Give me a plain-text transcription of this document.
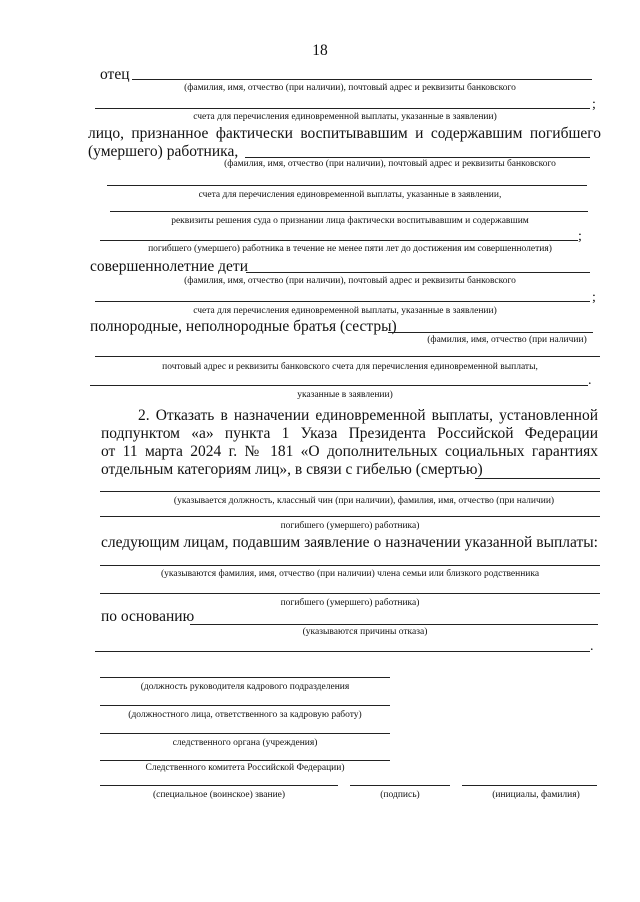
18
отец
(фамилия, имя, отчество (при наличии), почтовый адрес и реквизиты банковского
;
счета для перечисления единовременной выплаты, указанные в заявлении)
лицо, признанное фактически воспитывавшим и содержавшим погибшего
(умершего) работника,
(фамилия, имя, отчество (при наличии), почтовый адрес и реквизиты банковского
счета для перечисления единовременной выплаты, указанные в заявлении,
реквизиты решения суда о признании лица фактически воспитывавшим и содержавшим
;
погибшего (умершего) работника в течение не менее пяти лет до достижения им совершеннолетия)
совершеннолетние дети
(фамилия, имя, отчество (при наличии), почтовый адрес и реквизиты банковского
;
счета для перечисления единовременной выплаты, указанные в заявлении)
полнородные, неполнородные братья (сестры)
(фамилия, имя, отчество (при наличии)
почтовый адрес и реквизиты банковского счета для перечисления единовременной выплаты,
.
указанные в заявлении)
2. Отказать в назначении единовременной выплаты, установленной
подпунктом «а» пункта 1 Указа Президента Российской Федерации
от 11 марта 2024 г. № 181 «О дополнительных социальных гарантиях
отдельным категориям лиц», в связи с гибелью (смертью)
(указывается должность, классный чин (при наличии), фамилия, имя, отчество (при наличии)
погибшего (умершего) работника)
следующим лицам, подавшим заявление о назначении указанной выплаты:
(указываются фамилия, имя, отчество (при наличии) члена семьи или близкого родственника
погибшего (умершего) работника)
по основанию
(указываются причины отказа)
.
(должность руководителя кадрового подразделения
(должностного лица, ответственного за кадровую работу)
следственного органа (учреждения)
Следственного комитета Российской Федерации)
(специальное (воинское) звание)	(подпись)	(инициалы, фамилия)
